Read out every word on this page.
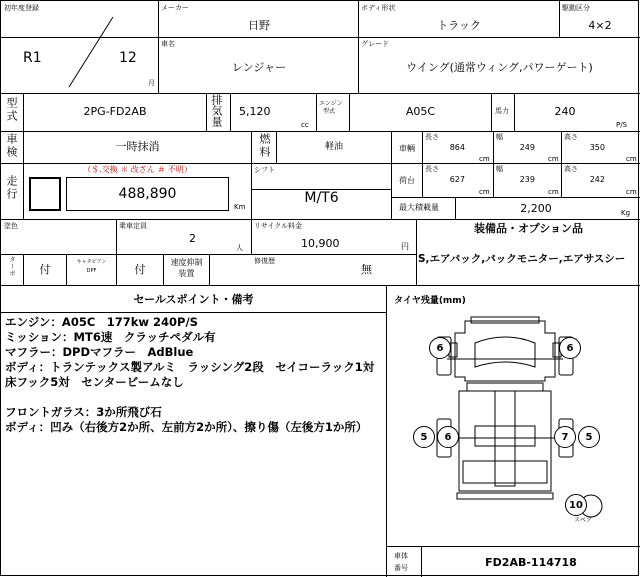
初年度登録	メーカー
日野
ボディ形状
トラック
駆動区分
4×2
R1	12
月
車名
レンジャー
グレード
ウイング(通常ウィング,パワーゲート)
型式	2PG-FD2AB	排気量 5,120
cc
エンジン
型式	A05C	馬力	240
P/S
車検	一時抹消	燃料	軽油	車輌
長さ
864
cm
幅
249
cm
高さ
350
cm
走行
（＄.交換 ＊ 改ざん ＃ 不明）
488,890
Km
シフト
M/T6
荷台
長さ
627
cm
幅
239
cm
高さ
242
cm
最大積載量	2,200	Kg
塗色	乗車定員
2
人
リサイクル料金
10,900	円
装備品・オプション品
S,エアバック,バックモニター,エアサスシー
ターボ	付
キャタピアン
DPF	付
速度抑制
装置
修復歴
無
セールスポイント・備考
エンジン：A05C　177kw 240P/S
ミッション：MT6速　クラッチペダル有
マフラー：DPDマフラー　AdBlue
ボディ：トランテックス製アルミ　ラッシング2段　セイコーラック1対
床フック5対　センタービームなし
フロントガラス：3か所飛び石
ボディ：凹み（右後方2か所、左前方2か所）、擦り傷（左後方1か所）
タイヤ残量(mm)
6	6
5	6	7	5
10
スペア
車体
番号	FD2AB-114718
